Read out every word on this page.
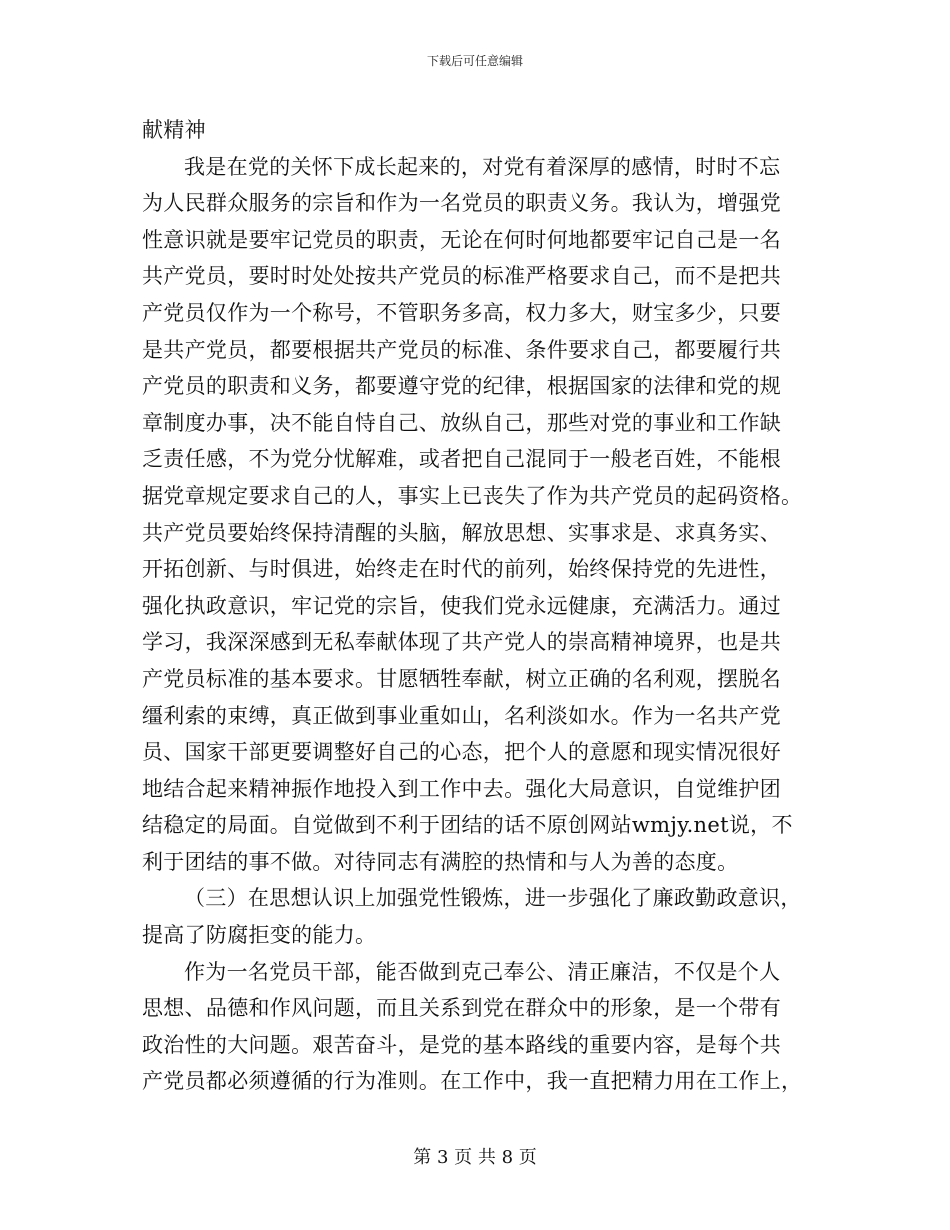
下载后可任意编辑
献精神
我是在党的关怀下成长起来的，对党有着深厚的感情，时时不忘
为人民群众服务的宗旨和作为一名党员的职责义务。我认为，增强党
性意识就是要牢记党员的职责，无论在何时何地都要牢记自己是一名
共产党员，要时时处处按共产党员的标准严格要求自己，而不是把共
产党员仅作为一个称号，不管职务多高，权力多大，财宝多少，只要
是共产党员，都要根据共产党员的标准、条件要求自己，都要履行共
产党员的职责和义务，都要遵守党的纪律，根据国家的法律和党的规
章制度办事，决不能自恃自己、放纵自己，那些对党的事业和工作缺
乏责任感，不为党分忧解难，或者把自己混同于一般老百姓，不能根
据党章规定要求自己的人，事实上已丧失了作为共产党员的起码资格。
共产党员要始终保持清醒的头脑，解放思想、实事求是、求真务实、
开拓创新、与时俱进，始终走在时代的前列，始终保持党的先进性，
强化执政意识，牢记党的宗旨，使我们党永远健康，充满活力。通过
学习，我深深感到无私奉献体现了共产党人的崇高精神境界，也是共
产党员标准的基本要求。甘愿牺牲奉献，树立正确的名利观，摆脱名
缰利索的束缚，真正做到事业重如山，名利淡如水。作为一名共产党
员、国家干部更要调整好自己的心态，把个人的意愿和现实情况很好
地结合起来精神振作地投入到工作中去。强化大局意识，自觉维护团
结稳定的局面。自觉做到不利于团结的话不原创网站wmjy.net说，不
利于团结的事不做。对待同志有满腔的热情和与人为善的态度。
（三）在思想认识上加强党性锻炼，进一步强化了廉政勤政意识，
提高了防腐拒变的能力。
作为一名党员干部，能否做到克己奉公、清正廉洁，不仅是个人
思想、品德和作风问题，而且关系到党在群众中的形象，是一个带有
政治性的大问题。艰苦奋斗，是党的基本路线的重要内容，是每个共
产党员都必须遵循的行为准则。在工作中，我一直把精力用在工作上，
第 3 页 共 8 页
